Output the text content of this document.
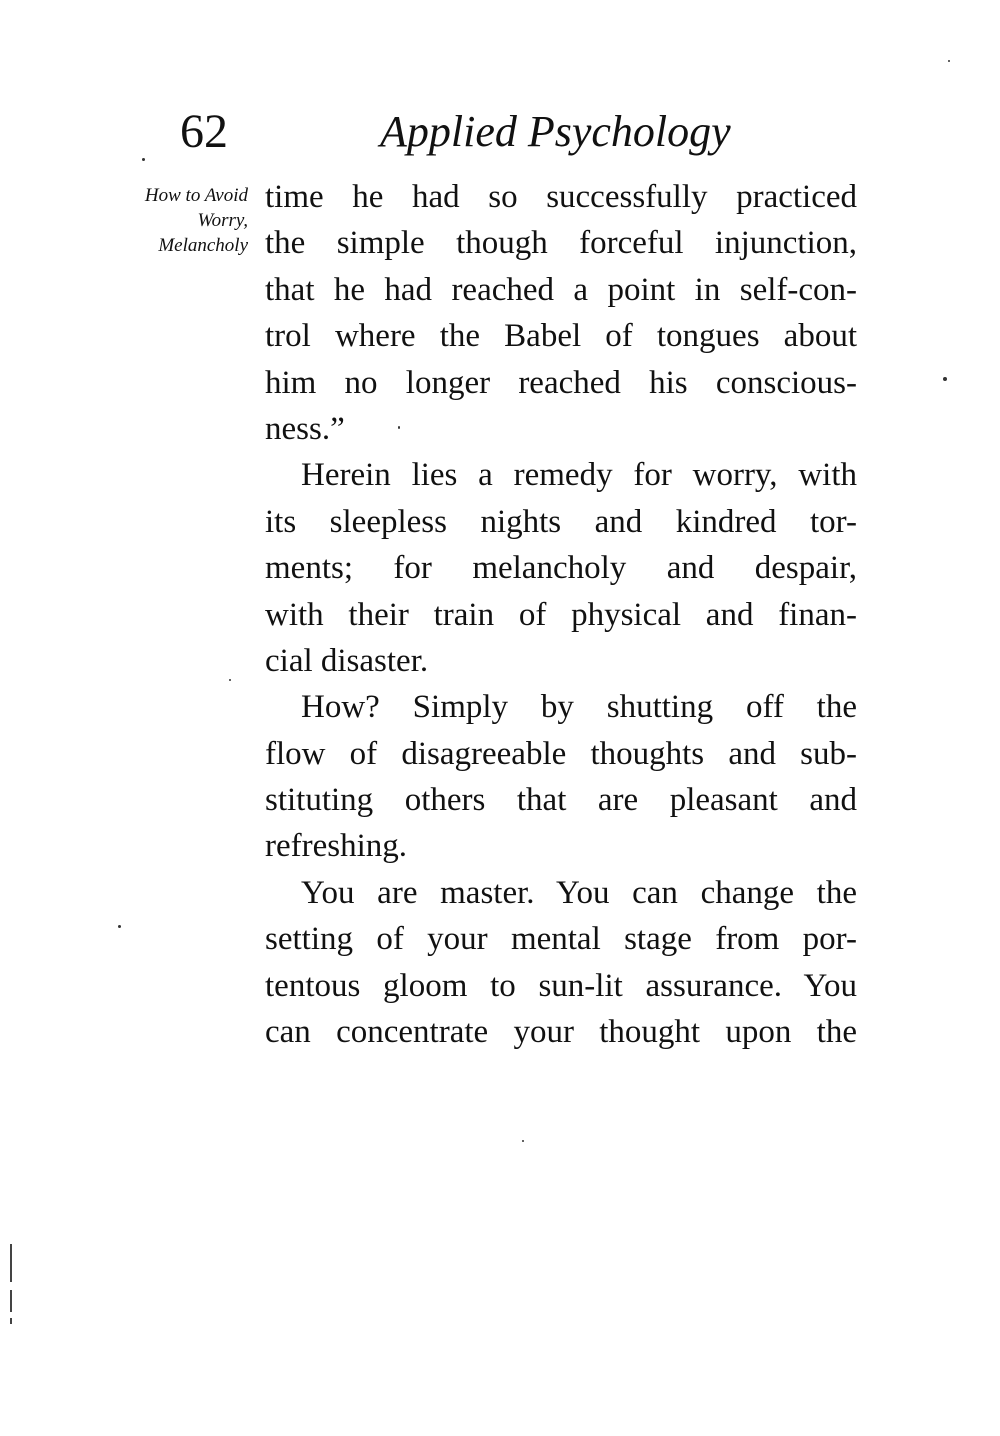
62	Applied Psychology
How to Avoid
Worry,
Melancholy
time he had so successfully practiced
the simple though forceful injunction,
that he had reached a point in self-con-
trol where the Babel of tongues about
him no longer reached his conscious-
ness.”
Herein lies a remedy for worry, with
its sleepless nights and kindred tor-
ments; for melancholy and despair,
with their train of physical and finan-
cial disaster.
How? Simply by shutting off the
flow of disagreeable thoughts and sub-
stituting others that are pleasant and
refreshing.
You are master. You can change the
setting of your mental stage from por-
tentous gloom to sun-lit assurance. You
can concentrate your thought upon the
